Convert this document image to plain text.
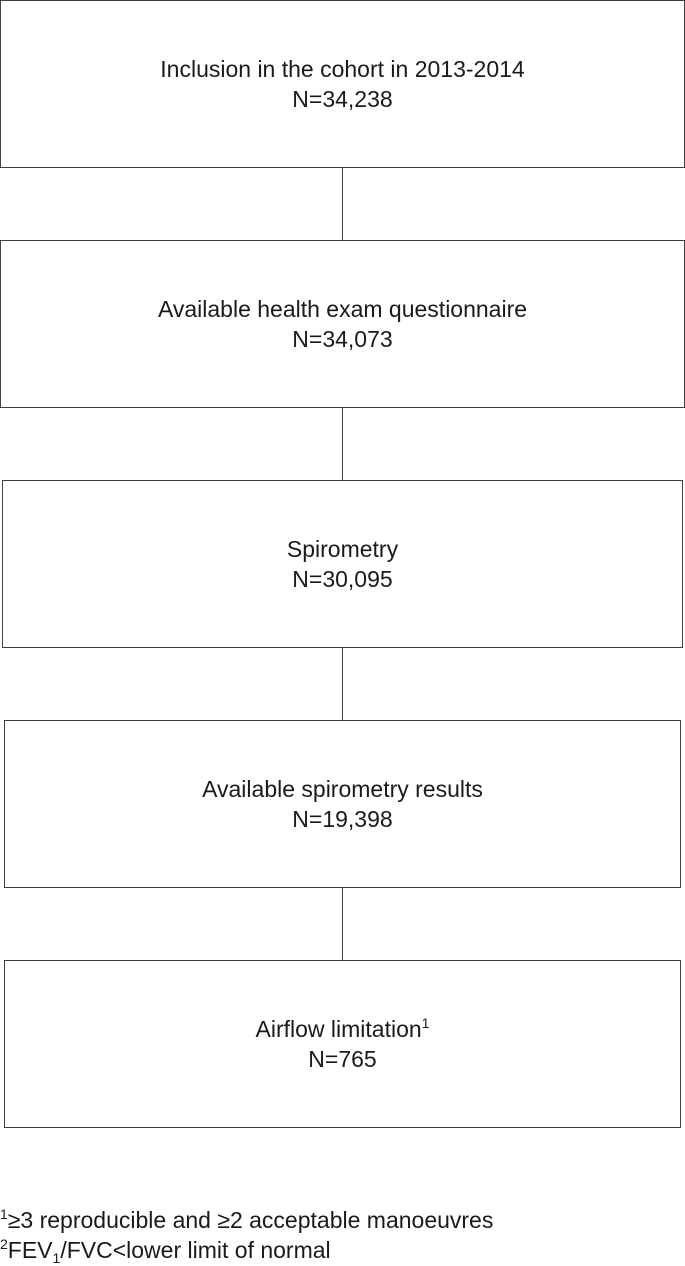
Inclusion in the cohort in 2013-2014
N=34,238
Available health exam questionnaire
N=34,073
Spirometry
N=30,095
Available spirometry results
N=19,398
Airflow limitation$^1$
N=765
$^1$≥3 reproducible and ≥2 acceptable manoeuvres
$^2FEV_1/FVC<lower$ limit of normal
